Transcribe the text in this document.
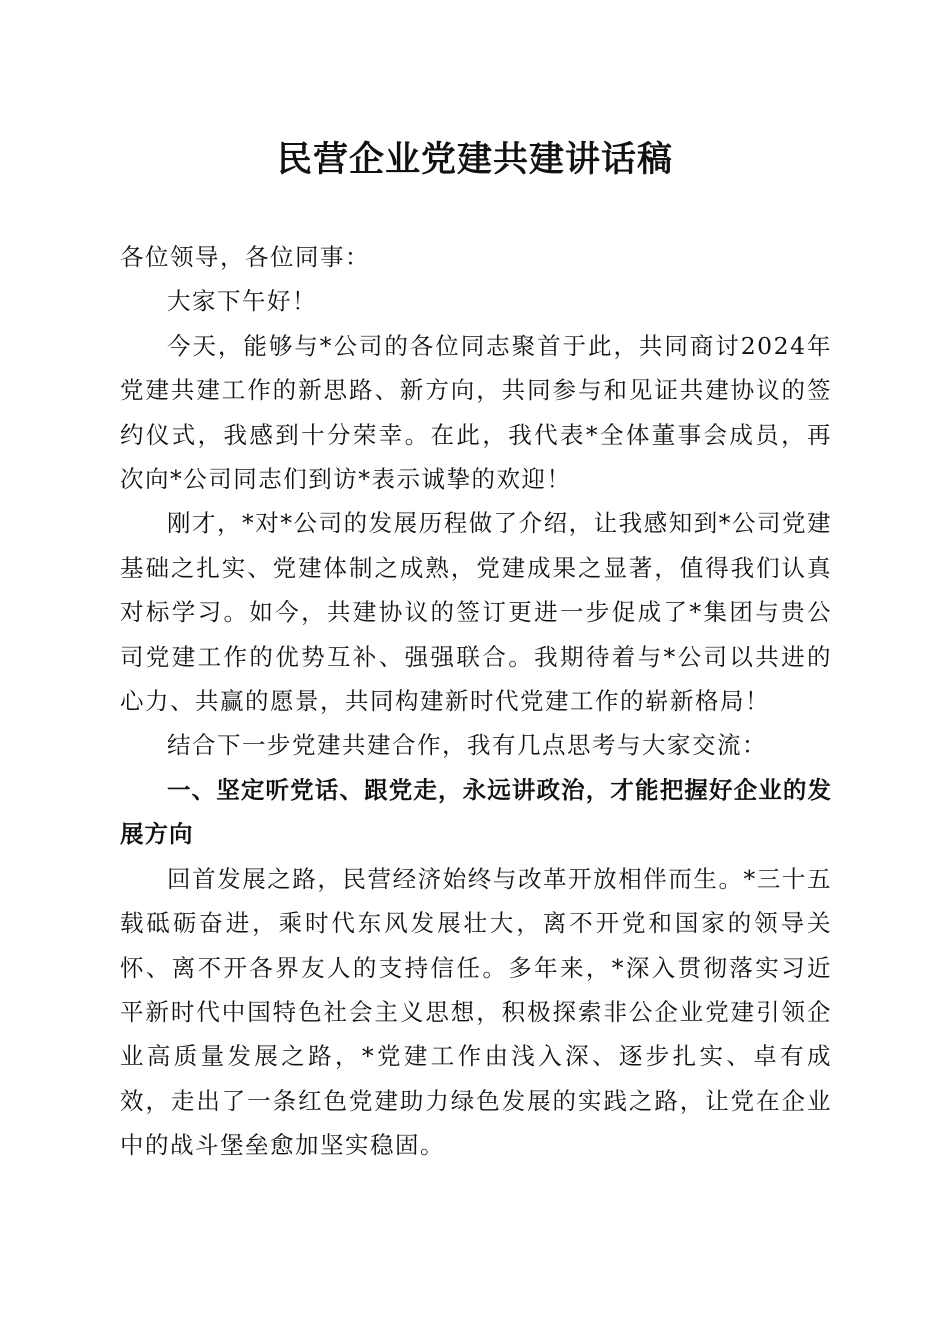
民营企业党建共建讲话稿

各位领导，各位同事：

大家下午好！

今天，能够与*公司的各位同志聚首于此，共同商讨2024年党建共建工作的新思路、新方向，共同参与和见证共建协议的签约仪式，我感到十分荣幸。在此，我代表*全体董事会成员，再次向*公司同志们到访*表示诚挚的欢迎！

刚才，*对*公司的发展历程做了介绍，让我感知到*公司党建基础之扎实、党建体制之成熟，党建成果之显著，值得我们认真对标学习。如今，共建协议的签订更进一步促成了*集团与贵公司党建工作的优势互补、强强联合。我期待着与*公司以共进的心力、共赢的愿景，共同构建新时代党建工作的崭新格局！

结合下一步党建共建合作，我有几点思考与大家交流：

一、坚定听党话、跟党走，永远讲政治，才能把握好企业的发展方向

回首发展之路，民营经济始终与改革开放相伴而生。*三十五载砥砺奋进，乘时代东风发展壮大，离不开党和国家的领导关怀、离不开各界友人的支持信任。多年来，*深入贯彻落实习近平新时代中国特色社会主义思想，积极探索非公企业党建引领企业高质量发展之路，*党建工作由浅入深、逐步扎实、卓有成效，走出了一条红色党建助力绿色发展的实践之路，让党在企业中的战斗堡垒愈加坚实稳固。
